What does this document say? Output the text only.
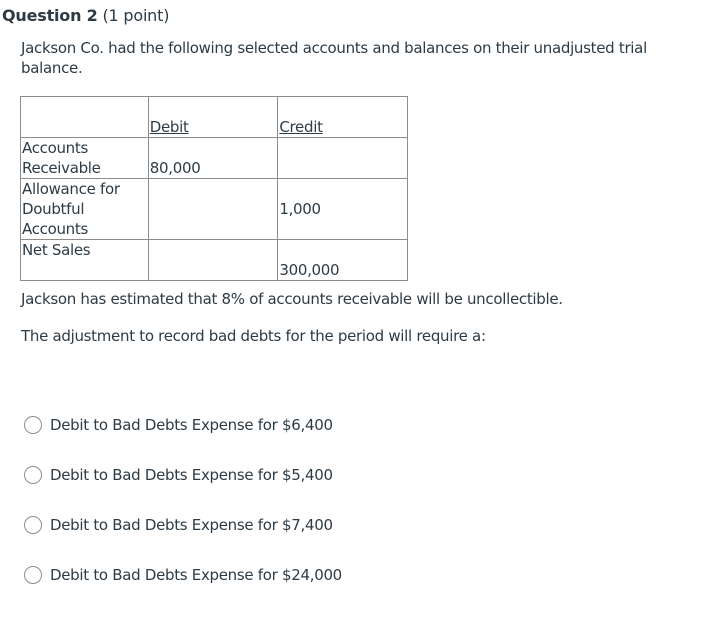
Question 2 (1 point)
Jackson Co. had the following selected accounts and balances on their unadjusted trial balance.
	Debit	Credit
Accounts Receivable	80,000	
Allowance for Doubtful Accounts		1,000
Net Sales		300,000
Jackson has estimated that 8% of accounts receivable will be uncollectible.
The adjustment to record bad debts for the period will require a:
Debit to Bad Debts Expense for $6,400
Debit to Bad Debts Expense for $5,400
Debit to Bad Debts Expense for $7,400
Debit to Bad Debts Expense for $24,000
